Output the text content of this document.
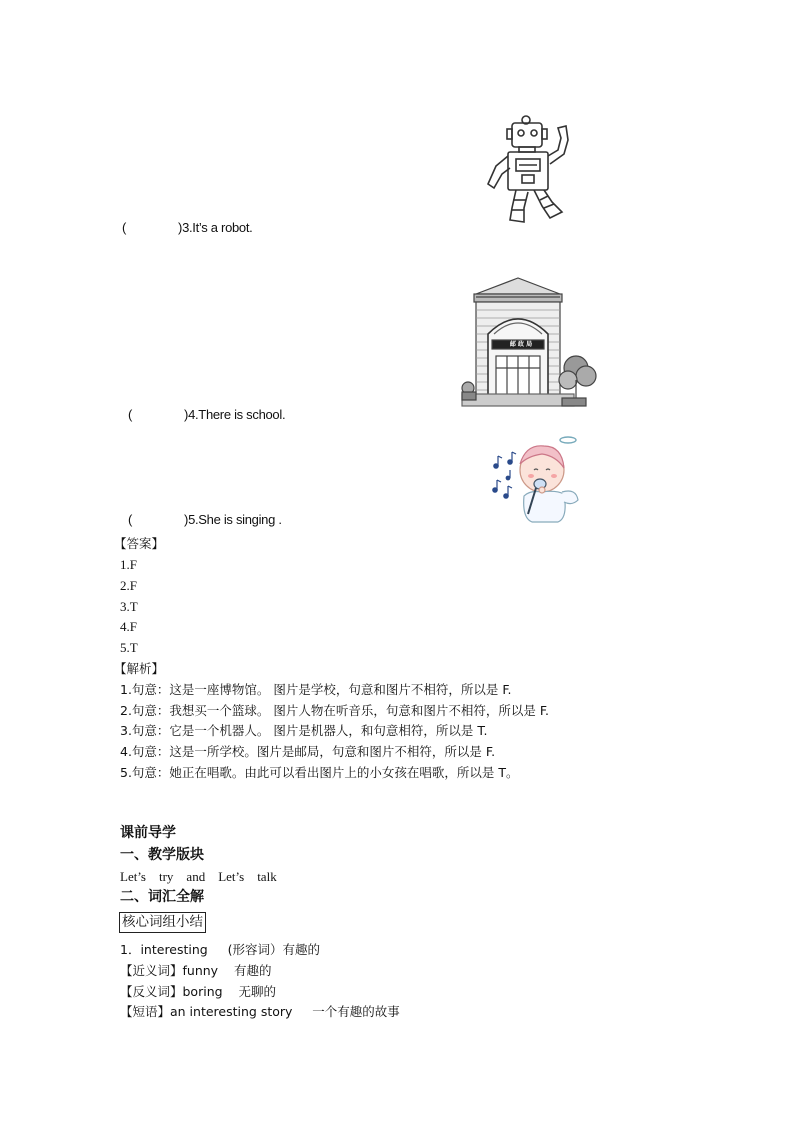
(	)3.It’s a robot.
邮 政 局
(	)4.There is school.
(	)5.She is singing .
【答案】
1.F
2.F
3.T
4.F
5.T
【解析】
1.句意：这是一座博物馆。 图片是学校，句意和图片不相符，所以是 F.
2.句意：我想买一个篮球。 图片人物在听音乐，句意和图片不相符，所以是 F.
3.句意：它是一个机器人。 图片是机器人，和句意相符，所以是 T.
4.句意：这是一所学校。图片是邮局，句意和图片不相符，所以是 F.
5.句意：她正在唱歌。由此可以看出图片上的小女孩在唱歌，所以是 T。
课前导学
一、教学版块
Let’s    try    and    Let’s    talk
二、词汇全解
核心词组小结
1．interesting     (形容词）有趣的
【近义词】funny    有趣的
【反义词】boring    无聊的
【短语】an interesting story     一个有趣的故事
